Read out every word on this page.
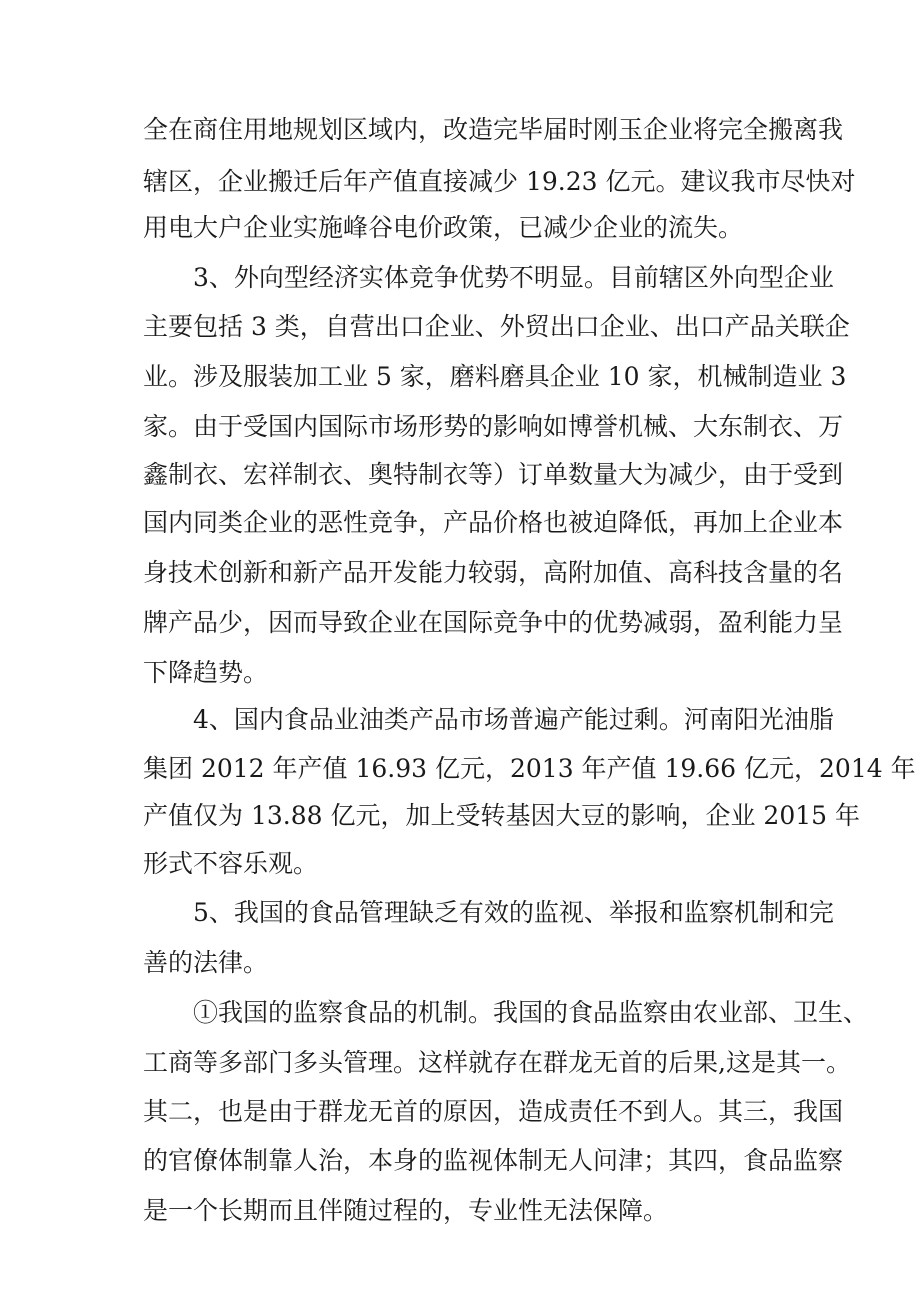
全在商住用地规划区域内，改造完毕届时刚玉企业将完全搬离我
辖区，企业搬迁后年产值直接减少 19.23 亿元。建议我市尽快对
用电大户企业实施峰谷电价政策，已减少企业的流失。
3、外向型经济实体竞争优势不明显。目前辖区外向型企业
主要包括 3 类，自营出口企业、外贸出口企业、出口产品关联企
业。涉及服装加工业 5 家，磨料磨具企业 10 家，机械制造业 3
家。由于受国内国际市场形势的影响如博誉机械、大东制衣、万
鑫制衣、宏祥制衣、奥特制衣等）订单数量大为减少，由于受到
国内同类企业的恶性竞争，产品价格也被迫降低，再加上企业本
身技术创新和新产品开发能力较弱，高附加值、高科技含量的名
牌产品少，因而导致企业在国际竞争中的优势减弱，盈利能力呈
下降趋势。
4、国内食品业油类产品市场普遍产能过剩。河南阳光油脂
集团 2012 年产值 16.93 亿元，2013 年产值 19.66 亿元，2014 年
产值仅为 13.88 亿元，加上受转基因大豆的影响，企业 2015 年
形式不容乐观。
5、我国的食品管理缺乏有效的监视、举报和监察机制和完
善的法律。
①我国的监察食品的机制。我国的食品监察由农业部、卫生、
工商等多部门多头管理。这样就存在群龙无首的后果,这是其一。
其二，也是由于群龙无首的原因，造成责任不到人。其三，我国
的官僚体制靠人治，本身的监视体制无人问津；其四，食品监察
是一个长期而且伴随过程的，专业性无法保障。
